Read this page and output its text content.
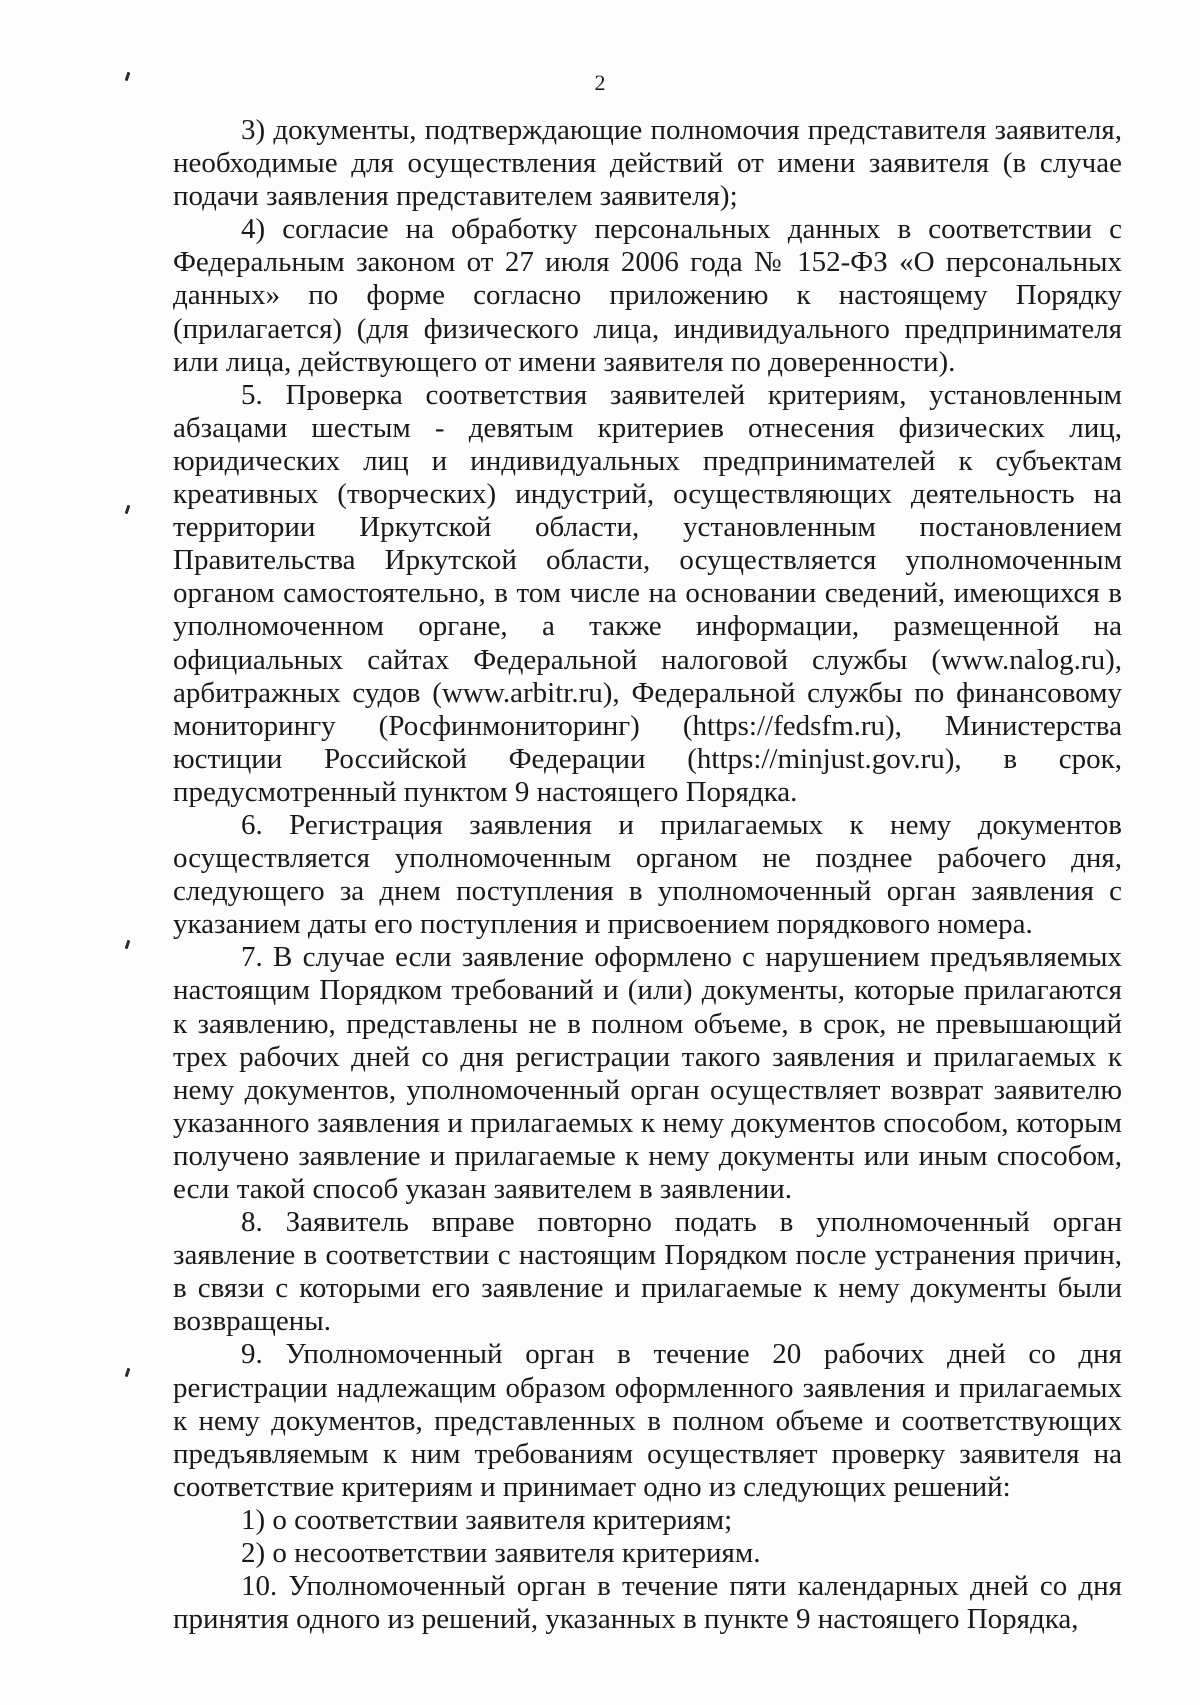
2

3) документы, подтверждающие полномочия представителя заявителя, необходимые для осуществления действий от имени заявителя (в случае подачи заявления представителем заявителя);

4) согласие на обработку персональных данных в соответствии с Федеральным законом от 27 июля 2006 года № 152-ФЗ «О персональных данных» по форме согласно приложению к настоящему Порядку (прилагается) (для физического лица, индивидуального предпринимателя или лица, действующего от имени заявителя по доверенности).

5. Проверка соответствия заявителей критериям, установленным абзацами шестым - девятым критериев отнесения физических лиц, юридических лиц и индивидуальных предпринимателей к субъектам креативных (творческих) индустрий, осуществляющих деятельность на территории Иркутской области, установленным постановлением Правительства Иркутской области, осуществляется уполномоченным органом самостоятельно, в том числе на основании сведений, имеющихся в уполномоченном органе, а также информации, размещенной на официальных сайтах Федеральной налоговой службы (www.nalog.ru), арбитражных судов (www.arbitr.ru), Федеральной службы по финансовому мониторингу (Росфинмониторинг) (https://fedsfm.ru), Министерства юстиции Российской Федерации (https://minjust.gov.ru), в срок, предусмотренный пунктом 9 настоящего Порядка.

6. Регистрация заявления и прилагаемых к нему документов осуществляется уполномоченным органом не позднее рабочего дня, следующего за днем поступления в уполномоченный орган заявления с указанием даты его поступления и присвоением порядкового номера.

7. В случае если заявление оформлено с нарушением предъявляемых настоящим Порядком требований и (или) документы, которые прилагаются к заявлению, представлены не в полном объеме, в срок, не превышающий трех рабочих дней со дня регистрации такого заявления и прилагаемых к нему документов, уполномоченный орган осуществляет возврат заявителю указанного заявления и прилагаемых к нему документов способом, которым получено заявление и прилагаемые к нему документы или иным способом, если такой способ указан заявителем в заявлении.

8. Заявитель вправе повторно подать в уполномоченный орган заявление в соответствии с настоящим Порядком после устранения причин, в связи с которыми его заявление и прилагаемые к нему документы были возвращены.

9. Уполномоченный орган в течение 20 рабочих дней со дня регистрации надлежащим образом оформленного заявления и прилагаемых к нему документов, представленных в полном объеме и соответствующих предъявляемым к ним требованиям осуществляет проверку заявителя на соответствие критериям и принимает одно из следующих решений:

1) о соответствии заявителя критериям;

2) о несоответствии заявителя критериям.

10. Уполномоченный орган в течение пяти календарных дней со дня принятия одного из решений, указанных в пункте 9 настоящего Порядка,
